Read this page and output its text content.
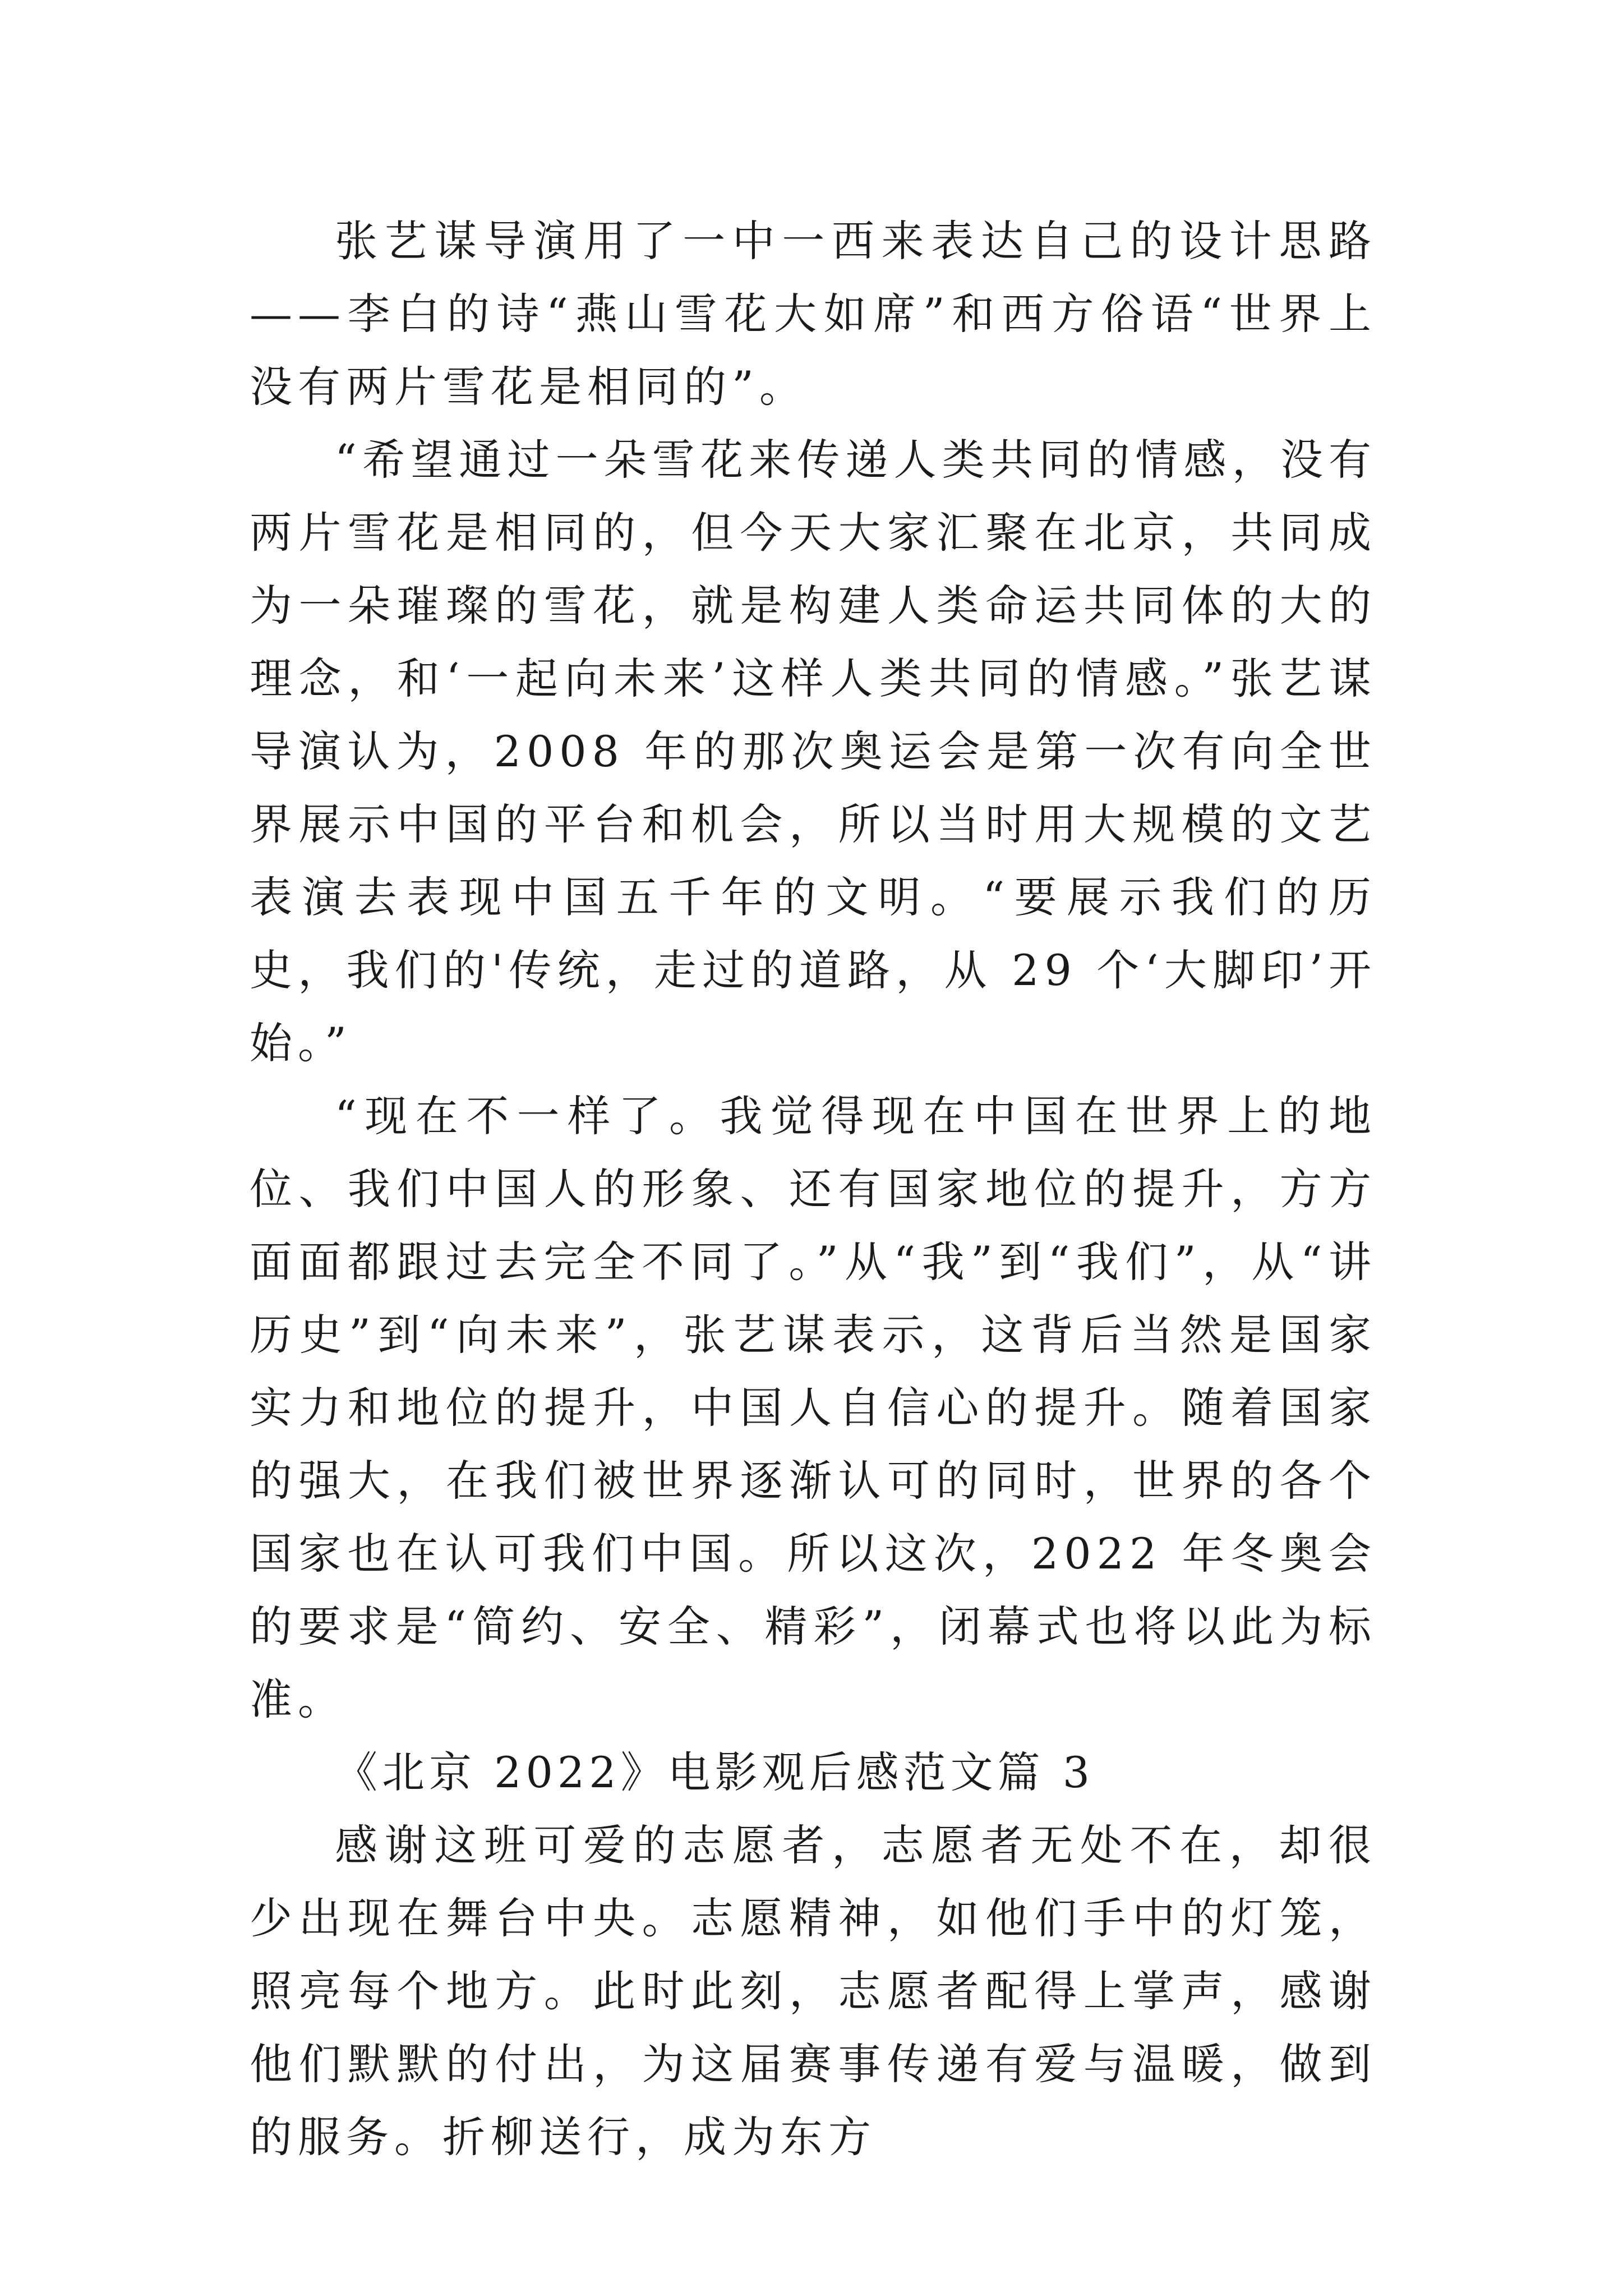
张艺谋导演用了一中一西来表达自己的设计思路——李白的诗“燕山雪花大如席”和西方俗语“世界上没有两片雪花是相同的”。

“希望通过一朵雪花来传递人类共同的情感，没有两片雪花是相同的，但今天大家汇聚在北京，共同成为一朵璀璨的雪花，就是构建人类命运共同体的大的理念，和‘一起向未来’这样人类共同的情感。”张艺谋导演认为，2008 年的那次奥运会是第一次有向全世界展示中国的平台和机会，所以当时用大规模的文艺表演去表现中国五千年的文明。“要展示我们的历史，我们的'传统，走过的道路，从 29 个‘大脚印’开始。”

“现在不一样了。我觉得现在中国在世界上的地位、我们中国人的形象、还有国家地位的提升，方方面面都跟过去完全不同了。”从“我”到“我们”，从“讲历史”到“向未来”，张艺谋表示，这背后当然是国家实力和地位的提升，中国人自信心的提升。随着国家的强大，在我们被世界逐渐认可的同时，世界的各个国家也在认可我们中国。所以这次，2022 年冬奥会的要求是“简约、安全、精彩”，闭幕式也将以此为标准。

《北京 2022》电影观后感范文篇 3

感谢这班可爱的志愿者，志愿者无处不在，却很少出现在舞台中央。志愿精神，如他们手中的灯笼，照亮每个地方。此时此刻，志愿者配得上掌声，感谢他们默默的付出，为这届赛事传递有爱与温暖，做到的服务。折柳送行，成为东方
